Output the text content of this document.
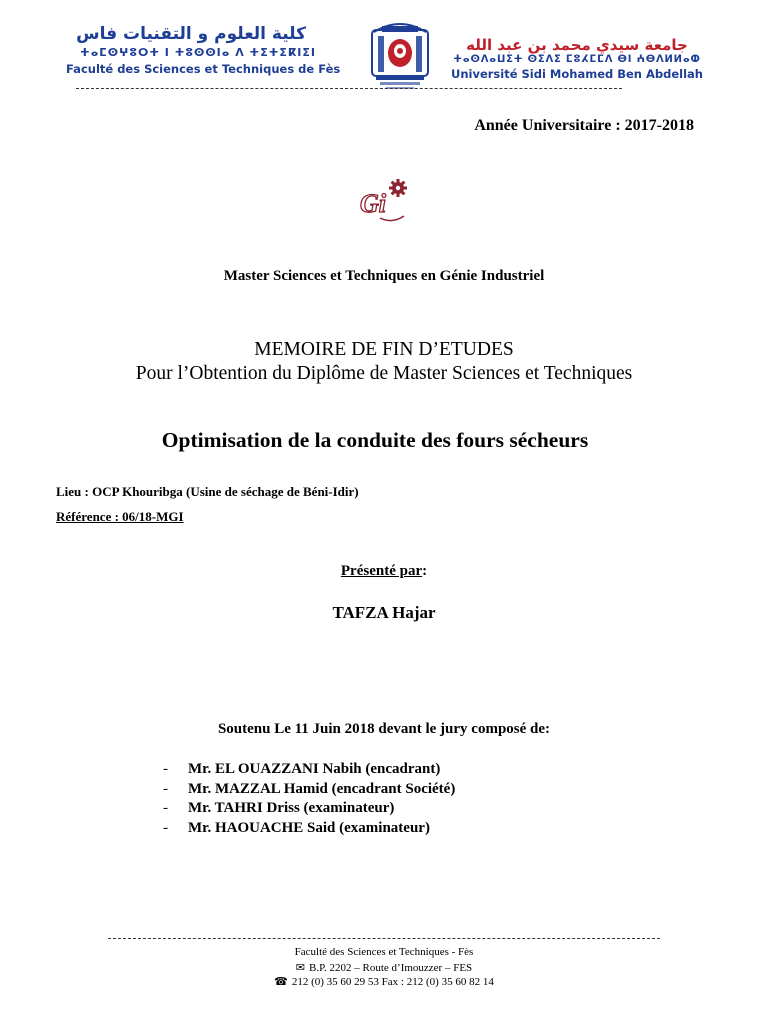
كلية العلوم و التقنيات فاس
ⵜⴰⵎⵙⵖⵓⵔⵜ ⵏ ⵜⵓⵙⵙⵏⴰ ⴷ ⵜⵉⵜⵉⴽⵏⵉⵏ
Faculté des Sciences et Techniques de Fès
جامعة سيدي محمد بن عبد الله
ⵜⴰⵙⴷⴰⵡⵉⵜ ⵙⵉⴷⵉ ⵎⵓⵃⵎⵎⴷ ⴱⵏ ⵄⴱⴷⵍⵍⴰⵀ
Université Sidi Mohamed Ben Abdellah
Année Universitaire : 2017-2018
Gi
Master Sciences et Techniques en Génie Industriel
MEMOIRE DE FIN D’ETUDES
Pour l’Obtention du Diplôme de Master Sciences et Techniques
Optimisation de la conduite des fours sécheurs
Lieu : OCP Khouribga (Usine de séchage de Béni-Idir)
Référence : 06/18-MGI
Présenté par:
TAFZA Hajar
Soutenu Le 11 Juin 2018 devant le jury composé de:
- Mr. EL OUAZZANI Nabih (encadrant)
- Mr. MAZZAL Hamid (encadrant Société)
- Mr. TAHRI Driss (examinateur)
- Mr. HAOUACHE Said (examinateur)
Faculté des Sciences et Techniques - Fès
✉ B.P. 2202 – Route d’Imouzzer – FES
☎ 212 (0) 35 60 29 53 Fax : 212 (0) 35 60 82 14
